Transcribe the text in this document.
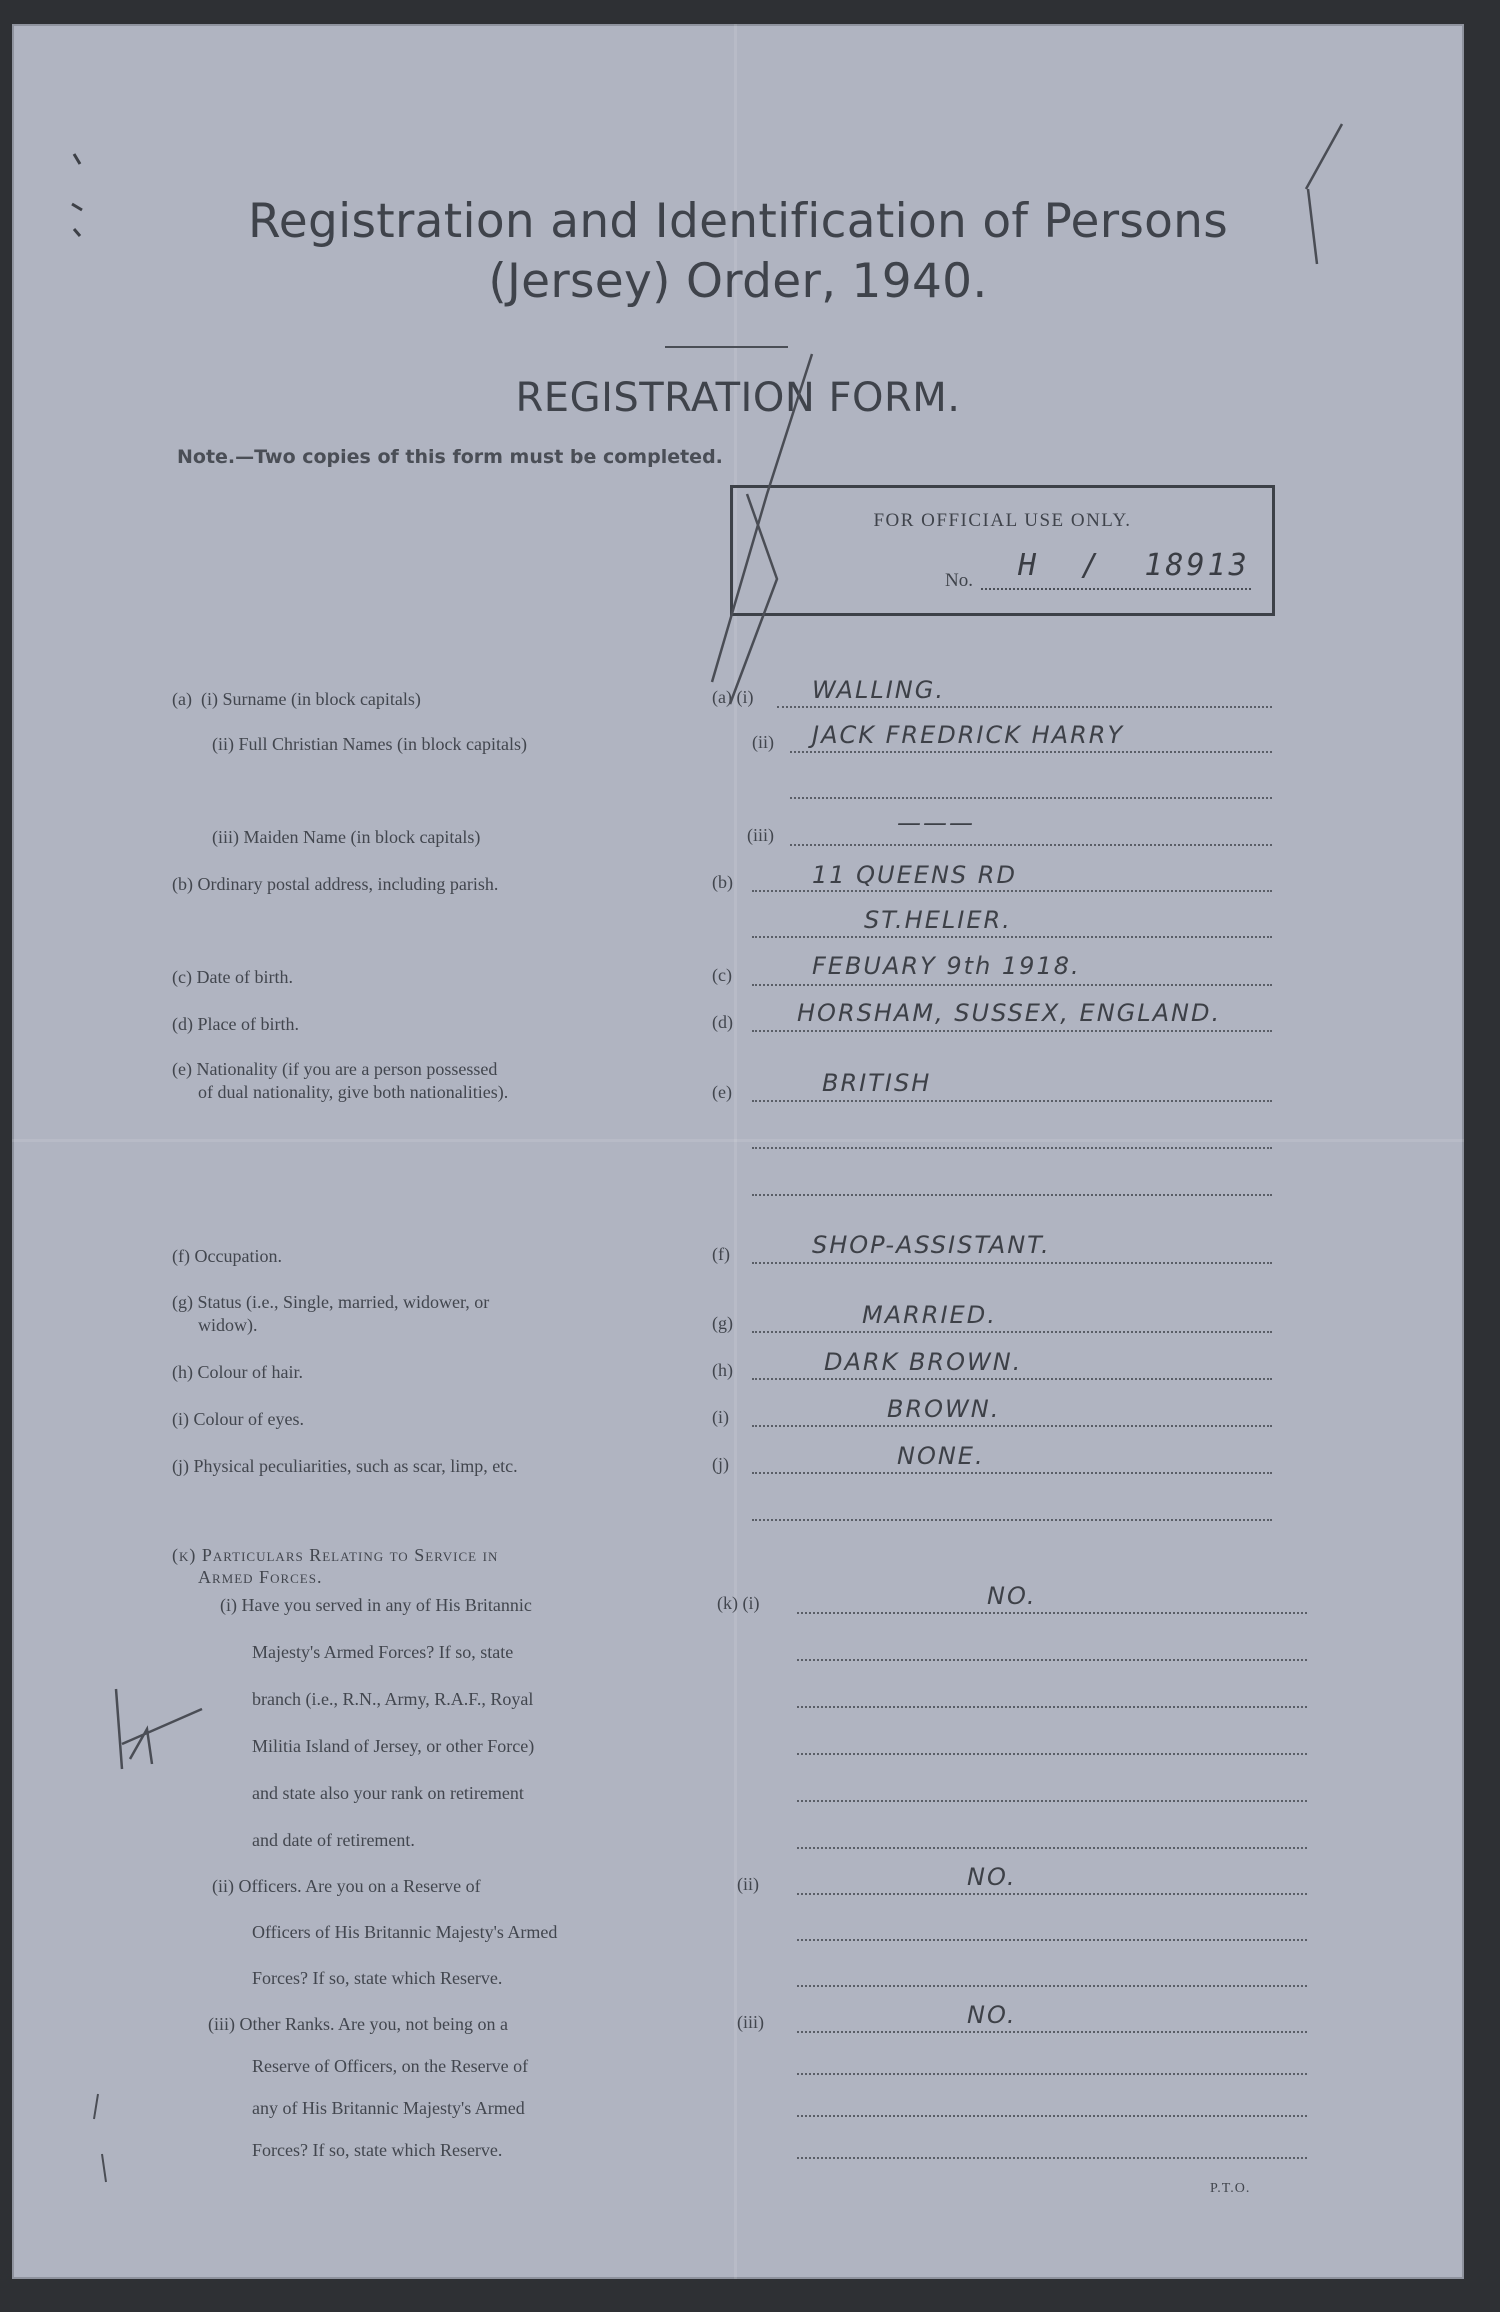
Registration and Identification of Persons
(Jersey) Order, 1940.
REGISTRATION FORM.
Note.—Two copies of this form must be completed.
FOR OFFICIAL USE ONLY.
No. H  /  18913
(a) (i) Surname (in block capitals)
(ii) Full Christian Names (in block capitals)
(iii) Maiden Name (in block capitals)
(b) Ordinary postal address, including parish.
(c) Date of birth.
(d) Place of birth.
(e) Nationality (if you are a person possessed
of dual nationality, give both nationalities).
(f) Occupation.
(g) Status (i.e., Single, married, widower, or
widow).
(h) Colour of hair.
(i) Colour of eyes.
(j) Physical peculiarities, such as scar, limp, etc.
(k) Particulars Relating to Service in
Armed Forces.
(i) Have you served in any of His Britannic
Majesty's Armed Forces? If so, state
branch (i.e., R.N., Army, R.A.F., Royal
Militia Island of Jersey, or other Force)
and state also your rank on retirement
and date of retirement.
(ii) Officers. Are you on a Reserve of
Officers of His Britannic Majesty's Armed
Forces? If so, state which Reserve.
(iii) Other Ranks. Are you, not being on a
Reserve of Officers, on the Reserve of
any of His Britannic Majesty's Armed
Forces? If so, state which Reserve.
(a) (i)
(ii)
(iii)
(b)
(c)
(d)
(e)
(f)
(g)
(h)
(i)
(j)
(k) (i)
(ii)
(iii)
WALLING.
JACK FREDRICK HARRY
———
11 QUEENS RD
ST.HELIER.
FEBUARY 9th 1918.
HORSHAM, SUSSEX, ENGLAND.
BRITISH
SHOP-ASSISTANT.
MARRIED.
DARK BROWN.
BROWN.
NONE.
NO.
NO.
NO.
P.T.O.
